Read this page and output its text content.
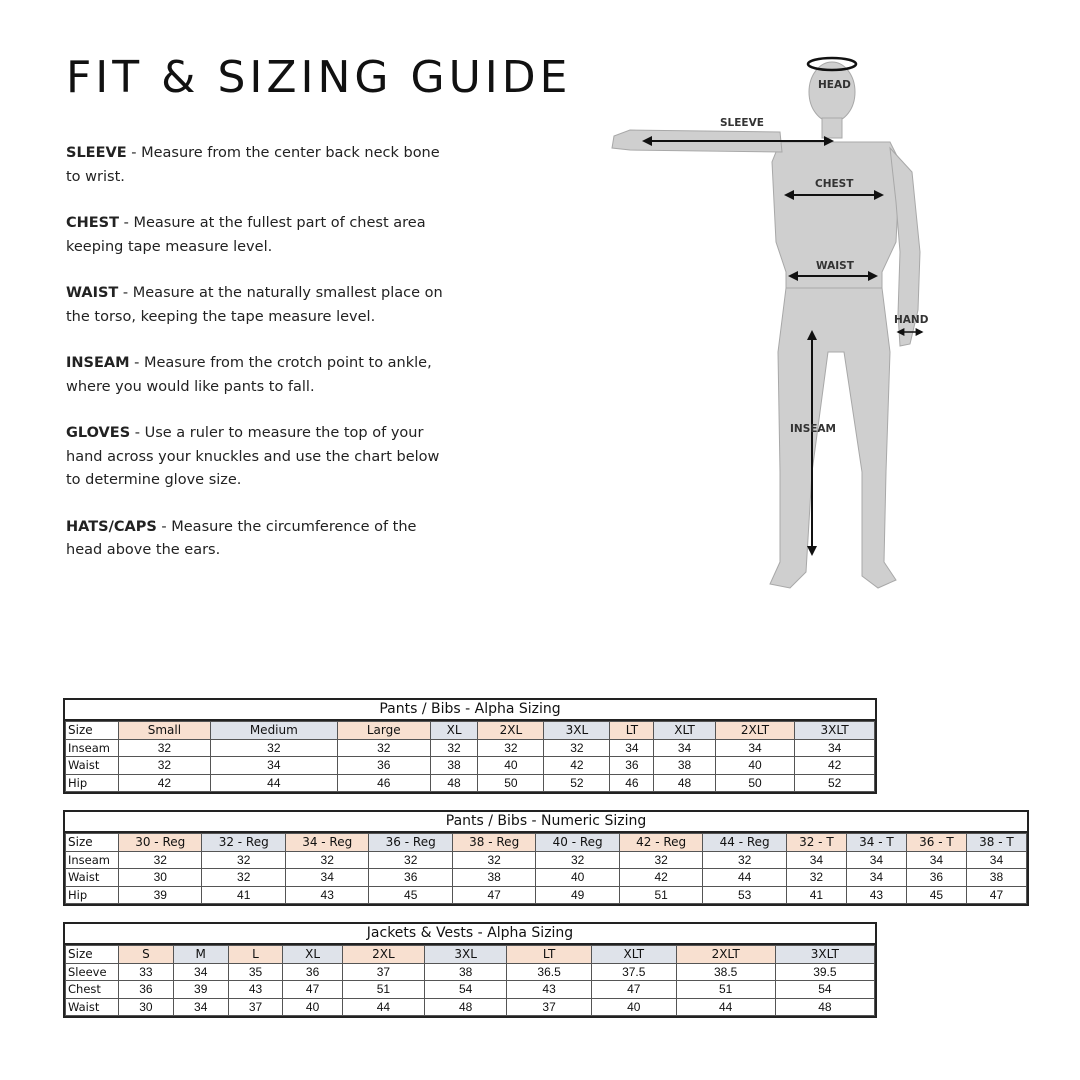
FIT & SIZING GUIDE

SLEEVE - Measure from the center back neck bone to wrist.

CHEST - Measure at the fullest part of chest area keeping tape measure level.

WAIST - Measure at the naturally smallest place on the torso, keeping the tape measure level.

INSEAM - Measure from the crotch point to ankle, where you would like pants to fall.

GLOVES - Use a ruler to measure the top of your hand across your knuckles and use the chart below to determine glove size.

HATS/CAPS - Measure the circumference of the head above the ears.

HEAD
SLEEVE
CHEST
WAIST
HAND
INSEAM
Pants / Bibs - Alpha Sizing
Size	Small	Medium	Large	XL	2XL	3XL	LT	XLT	2XLT	3XLT
Inseam	32	32	32	32	32	32	34	34	34	34
Waist	32	34	36	38	40	42	36	38	40	42
Hip	42	44	46	48	50	52	46	48	50	52
Pants / Bibs - Numeric Sizing
Size	30 - Reg	32 - Reg	34 - Reg	36 - Reg	38 - Reg	40 - Reg	42 - Reg	44 - Reg	32 - T	34 - T	36 - T	38 - T
Inseam	32	32	32	32	32	32	32	32	34	34	34	34
Waist	30	32	34	36	38	40	42	44	32	34	36	38
Hip	39	41	43	45	47	49	51	53	41	43	45	47
Jackets & Vests - Alpha Sizing
Size	S	M	L	XL	2XL	3XL	LT	XLT	2XLT	3XLT
Sleeve	33	34	35	36	37	38	36.5	37.5	38.5	39.5
Chest	36	39	43	47	51	54	43	47	51	54
Waist	30	34	37	40	44	48	37	40	44	48
